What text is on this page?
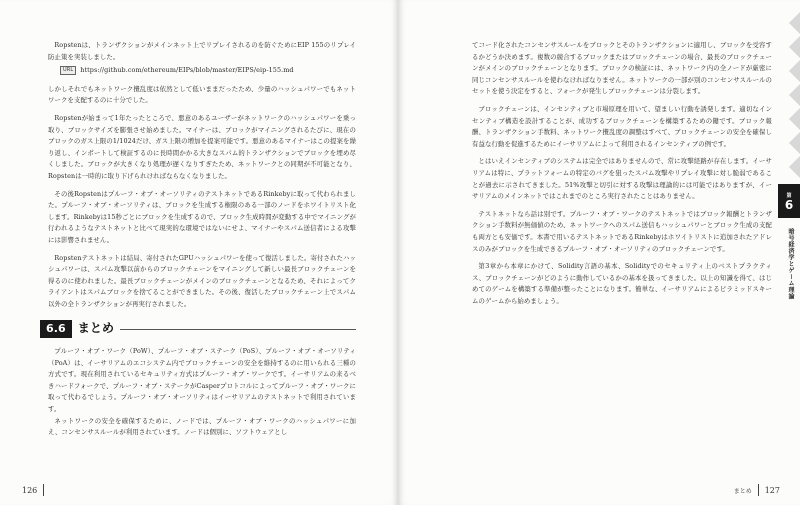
Ropstenは、トランザクションがメインネット上でリプレイされるのを防ぐためにEIP 155のリプレイ防止策を実装しました。

URL	https://github.com/ethereum/EIPs/blob/master/EIPS/eip-155.md

しかしそれでもネットワーク攪乱度は依然として低いままだったため、少量のハッシュパワーでもネットワークを支配するのに十分でした。

Ropstenが始まって1年たったところで、悪意のあるユーザーがネットワークのハッシュパワーを乗っ取り、ブロックサイズを膨張させ始めました。マイナーは、ブロックがマイニングされるたびに、現在のブロックのガス上限の1/1024だけ、ガス上限の増加を提案可能です。悪意のあるマイナーはこの提案を繰り返し、インポートして検証するのに長時間かかる大きなスパム的トランザクションでブロックを埋め尽くしました。ブロックが大きくなり処理が遅くなりすぎたため、ネットワークとの同期が不可能となり、Ropstenは一時的に取り下げられければならなくなりました。

その後Ropstenはプルーフ・オブ・オーソリティのテストネットであるRinkebyに取って代わられました。プルーフ・オブ・オーソリティは、ブロックを生成する権限のある一部のノードをホワイトリスト化します。Rinkebyは15秒ごとにブロックを生成するので、ブロック生成時間が変動する中でマイニングが行われるようなテストネットと比べて現実的な環境ではないにせよ、マイナーやスパム送信者による攻撃には影響されません。

Ropstenテストネットは結局、寄付されたGPUハッシュパワーを使って復活しました。寄付されたハッシュパワーは、スパム攻撃以前からのブロックチェーンをマイニングして新しい最長ブロックチェーンを得るのに使われました。最長ブロックチェーンがメインのブロックチェーンとなるため、それによってクライアントはスパムブロックを捨てることができました。その後、復活したブロックチェーン上でスパム以外の全トランザクションが再実行されました。

6.6	まとめ

プルーフ・オブ・ワーク（PoW）、プルーフ・オブ・ステーク（PoS）、プルーフ・オブ・オーソリティ（PoA）は、イーサリアムのエコシステム内でブロックチェーンの安全を維持するのに用いられる三種の方式です。現在利用されているセキュリティ方式はプルーフ・オブ・ワークです。イーサリアムの来るべきハードフォークで、プルーフ・オブ・ステークがCasperプロトコルによってプルーフ・オブ・ワークに取って代わるでしょう。プルーフ・オブ・オーソリティはイーサリアムのテストネットで利用されています。

ネットワークの安全を確保するために、ノードでは、プルーフ・オブ・ワークのハッシュパワーに加え、コンセンサスルールが利用されています。ノードは個別に、ソフトウェアとし

126

てコード化されたコンセンサスルールをブロックとそのトランザクションに適用し、ブロックを受容するかどうか決めます。複数の競合するブロックまたはブロックチェーンの場合、最長のブロックチェーンがメインのブロックチェーンとなります。ブロックの検証には、ネットワーク内の全ノードが厳密に同じコンセンサスルールを使わなければなりません。ネットワークの一部が別のコンセンサスルールのセットを使う決定をすると、フォークが発生しブロックチェーンは分裂します。

ブロックチェーンは、インセンティブと市場原理を用いて、望ましい行動を誘発します。適切なインセンティブ構造を設計することが、成功するブロックチェーンを構築するための鍵です。ブロック報酬、トランザクション手数料、ネットワーク攪乱度の調整はすべて、ブロックチェーンの安全を確保し有益な行動を促進するためにイーサリアムによって利用されるインセンティブの例です。

とはいえインセンティブのシステムは完全ではありませんので、常に攻撃経路が存在します。イーサリアムは特に、プラットフォームの特定のバグを狙ったスパム攻撃やリプレイ攻撃に対し脆弱であることが過去に示されてきました。51%攻撃と切引に対する攻撃は理論的には可能ではありますが、イーサリアムのメインネットではこれまでのところ実行されたことはありません。

テストネットなら話は別です。プルーフ・オブ・ワークのテストネットではブロック報酬とトランザクション手数料が無価値のため、ネットワークへのスパム送信もハッシュパワーとブロック生成の支配も両方とも安価です。本書で用いるテストネットであるRinkebyはホワイトリストに追加されたアドレスのみがブロックを生成できるプルーフ・オブ・オーソリティのブロックチェーンです。

第3章から本章にかけて、Solidity言語の基本、Solidityでのセキュリティ上のベストプラクティス、ブロックチェーンがどのように動作しているかの基本を扱ってきました。以上の知識を得て、はじめてのゲームを構築する準備が整ったことになります。簡単な、イーサリアムによるピラミッドスキームのゲームから始めましょう。

第
6
暗号経済学とゲーム理論
まとめ 127
